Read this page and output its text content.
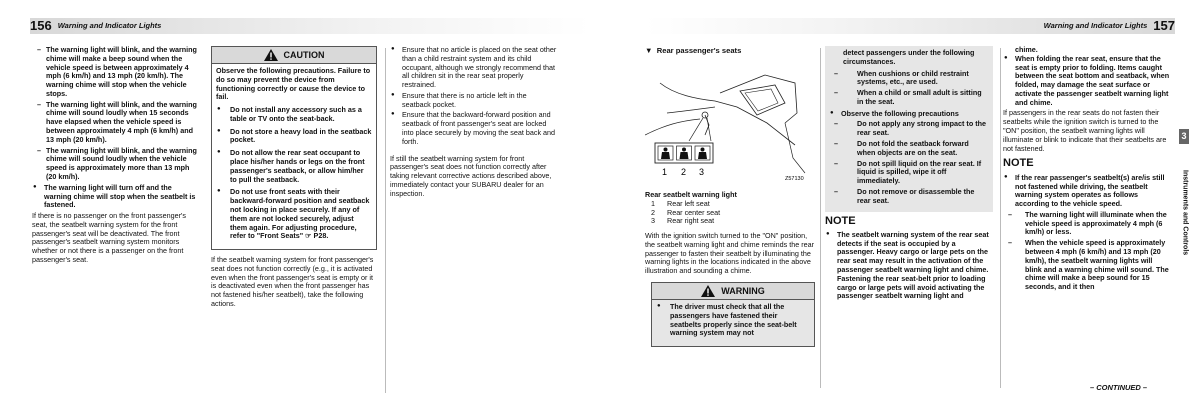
156 Warning and Indicator Lights	Warning and Indicator Lights 157
– The warning light will blink, and the warning chime will make a beep sound when the vehicle speed is between approximately 4 mph (6 km/h) and 13 mph (20 km/h). The warning chime will stop when the vehicle stops.
– The warning light will blink, and the warning chime will sound loudly when 15 seconds have elapsed when the vehicle speed is between approximately 4 mph (6 km/h) and 13 mph (20 km/h).
– The warning light will blink, and the warning chime will sound loudly when the vehicle speed is approximately more than 13 mph (20 km/h).
● The warning light will turn off and the warning chime will stop when the seatbelt is fastened.
If there is no passenger on the front passenger's seat, the seatbelt warning system for the front passenger's seat will be deactivated. The front passenger's seatbelt warning system monitors whether or not there is a passenger on the front passenger's seat.
CAUTION
Observe the following precautions. Failure to do so may prevent the device from functioning correctly or cause the device to fail.
● Do not install any accessory such as a table or TV onto the seat-back.
● Do not store a heavy load in the seatback pocket.
● Do not allow the rear seat occupant to place his/her hands or legs on the front passenger's seatback, or allow him/her to pull the seatback.
● Do not use front seats with their backward-forward position and seatback not locking in place securely. If any of them are not locked securely, adjust them again. For adjusting procedure, refer to "Front Seats" ☞ P28.
If the seatbelt warning system for front passenger's seat does not function correctly (e.g., it is activated even when the front passenger's seat is empty or it is deactivated even when the front passenger has not fastened his/her seatbelt), take the following actions.
● Ensure that no article is placed on the seat other than a child restraint system and its child occupant, although we strongly recommend that all children sit in the rear seat properly restrained.
● Ensure that there is no article left in the seatback pocket.
● Ensure that the backward-forward position and seatback of front passenger's seat are locked into place securely by moving the seat back and forth.
If still the seatbelt warning system for front passenger's seat does not function correctly after taking relevant corrective actions described above, immediately contact your SUBARU dealer for an inspection.
▼  Rear passenger's seats
1 2 3
Z57130
Rear seatbelt warning light
1 Rear left seat
2 Rear center seat
3 Rear right seat
With the ignition switch turned to the "ON" position, the seatbelt warning light and chime reminds the rear passenger to fasten their seatbelt by illuminating the warning lights in the locations indicated in the above illustration and sounding a chime.
WARNING
● The driver must check that all the passengers have fastened their seatbelts properly since the seat-belt warning system may not
detect passengers under the following circumstances.
– When cushions or child restraint systems, etc., are used.
– When a child or small adult is sitting in the seat.
● Observe the following precautions
– Do not apply any strong impact to the rear seat.
– Do not fold the seatback forward when objects are on the seat.
– Do not spill liquid on the rear seat. If liquid is spilled, wipe it off immediately.
– Do not remove or disassemble the rear seat.
NOTE
● The seatbelt warning system of the rear seat detects if the seat is occupied by a passenger. Heavy cargo or large pets on the rear seat may result in the activation of the passenger seatbelt warning light and chime. Fastening the rear seat-belt prior to loading cargo or large pets will avoid activating the passenger seatbelt warning light and
chime.
● When folding the rear seat, ensure that the seat is empty prior to folding. Items caught between the seat bottom and seatback, when folded, may damage the seat surface or activate the passenger seatbelt warning light and chime.
If passengers in the rear seats do not fasten their seatbelts while the ignition switch is turned to the "ON" position, the seatbelt warning lights will illuminate or blink to indicate that their seatbelts are not fastened.
NOTE
● If the rear passenger's seatbelt(s) are/is still not fastened while driving, the seatbelt warning system operates as follows according to the vehicle speed.
– The warning light will illuminate when the vehicle speed is approximately 4 mph (6 km/h) or less.
– When the vehicle speed is approximately between 4 mph (6 km/h) and 13 mph (20 km/h), the seatbelt warning lights will blink and a warning chime will sound. The chime will make a beep sound for 15 seconds, and it then
– CONTINUED –
3
Instruments and Controls
